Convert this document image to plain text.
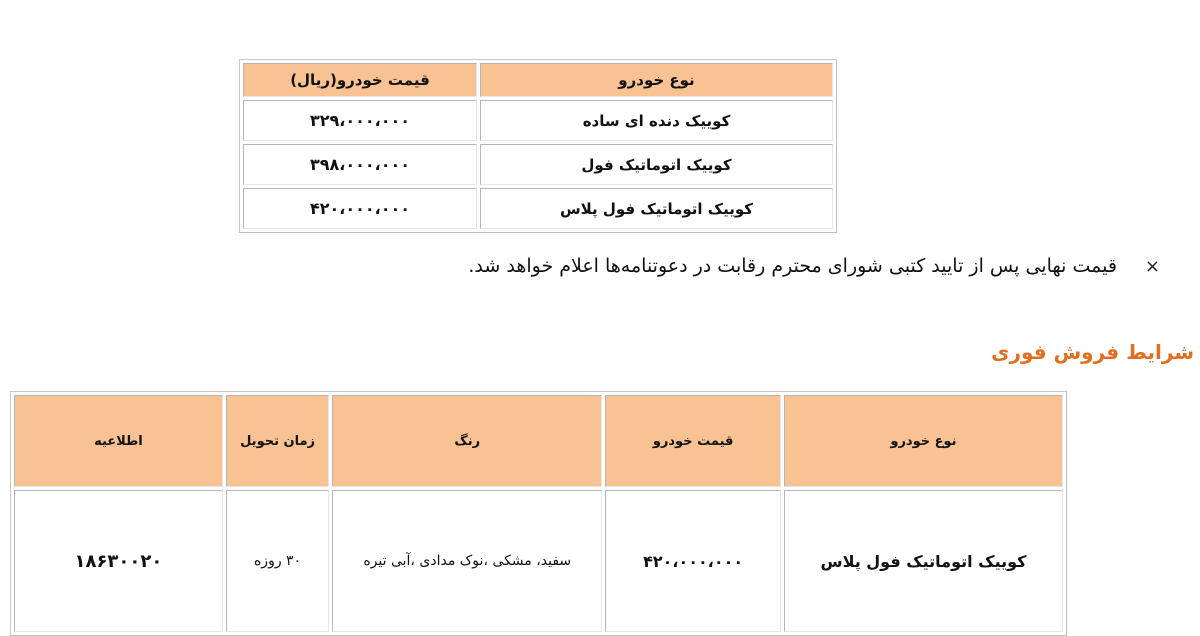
نوع خودرو	قیمت خودرو(ریال)
کوییک دنده ای ساده	۳۲۹،۰۰۰،۰۰۰
کوییک اتوماتیک فول	۳۹۸،۰۰۰،۰۰۰
کوییک اتوماتیک فول پلاس	۴۲۰،۰۰۰،۰۰۰
×
قیمت نهایی پس از تایید کتبی شورای محترم رقابت در دعوتنامه‌ها اعلام خواهد شد.
شرایط فروش فوری
نوع خودرو	قیمت خودرو	رنگ	زمان تحویل	اطلاعیه
کوییک اتوماتیک فول پلاس	۴۲۰،۰۰۰،۰۰۰	سفید، مشکی ،نوک مدادی ،آبی تیره	۳۰ روزه	۱۸۶۳۰۰۲۰
